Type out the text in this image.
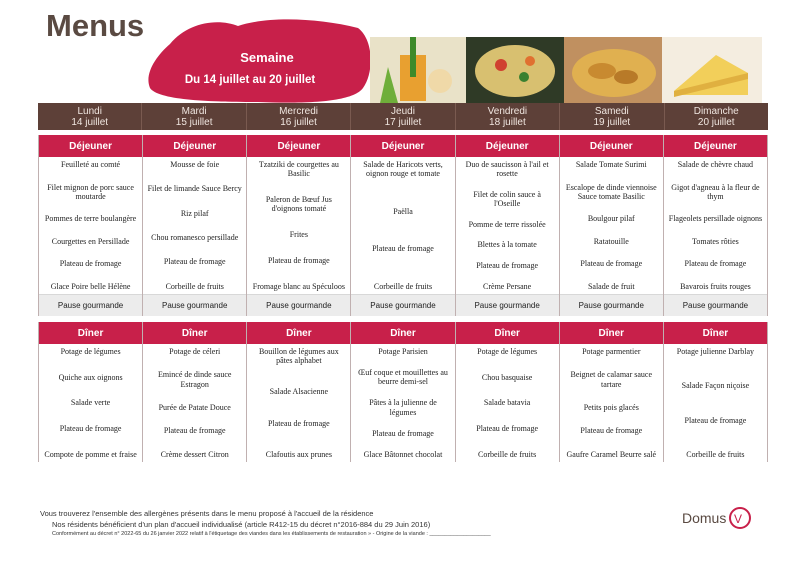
Menus
Semaine
Du 14 juillet au 20 juillet
Lundi
14 juillet
Mardi
15 juillet
Mercredi
16 juillet
Jeudi
17 juillet
Vendredi
18 juillet
Samedi
19 juillet
Dimanche
20 juillet
Déjeuner
Feuilleté au comté
Filet mignon de porc sauce moutarde
Pommes de terre boulangère
Courgettes en Persillade
Plateau de fromage
Glace Poire belle Hélène
Pause gourmande
Déjeuner
Mousse de foie
Filet de limande Sauce Bercy
Riz pilaf
Chou romanesco persillade
Plateau de fromage
Corbeille de fruits
Pause gourmande
Déjeuner
Tzatziki de courgettes au Basilic
Paleron de Bœuf Jus d'oignons tomaté
Frites
Plateau de fromage
Fromage blanc au Spéculoos
Pause gourmande
Déjeuner
Salade de Haricots verts, oignon rouge et tomate
Paëlla
Plateau de fromage
Corbeille de fruits
Pause gourmande
Déjeuner
Duo de saucisson à l'ail et rosette
Filet de colin sauce à l'Oseille
Pomme de terre rissolée
Blettes à la tomate
Plateau de fromage
Crème Persane
Pause gourmande
Déjeuner
Salade Tomate Surimi
Escalope de dinde viennoise Sauce tomate Basilic
Boulgour pilaf
Ratatouille
Plateau de fromage
Salade de fruit
Pause gourmande
Déjeuner
Salade de chèvre chaud
Gigot d'agneau à la fleur de thym
Flageolets persillade oignons
Tomates rôties
Plateau de fromage
Bavarois fruits rouges
Pause gourmande
Dîner
Potage de légumes
Quiche aux oignons
Salade verte
Plateau de fromage
Compote de pomme et fraise
Dîner
Potage de céleri
Emincé de dinde sauce Estragon
Purée de Patate Douce
Plateau de fromage
Crème dessert Citron
Dîner
Bouillon de légumes aux pâtes alphabet
Salade Alsacienne
Plateau de fromage
Clafoutis aux prunes
Dîner
Potage Parisien
Œuf coque et mouillettes au beurre demi-sel
Pâtes à la julienne de légumes
Plateau de fromage
Glace Bâtonnet chocolat
Dîner
Potage de légumes
Chou basquaise
Salade batavia
Plateau de fromage
Corbeille de fruits
Dîner
Potage parmentier
Beignet de calamar sauce tartare
Petits pois glacés
Plateau de fromage
Gaufre Caramel Beurre salé
Dîner
Potage julienne Darblay
Salade Façon niçoise
Plateau de fromage
Corbeille de fruits
Vous trouverez l'ensemble des allergènes présents dans le menu proposé à l'accueil de la résidence
Nos résidents bénéficient d'un plan d'accueil individualisé (article R412-15 du décret n°2016-884 du 29 Juin 2016)
Conformément au décret n° 2022-65 du 26 janvier 2022 relatif à l'étiquetage des viandes dans les établissements de restauration » - Origine de la viande : ____________________
Domus V
